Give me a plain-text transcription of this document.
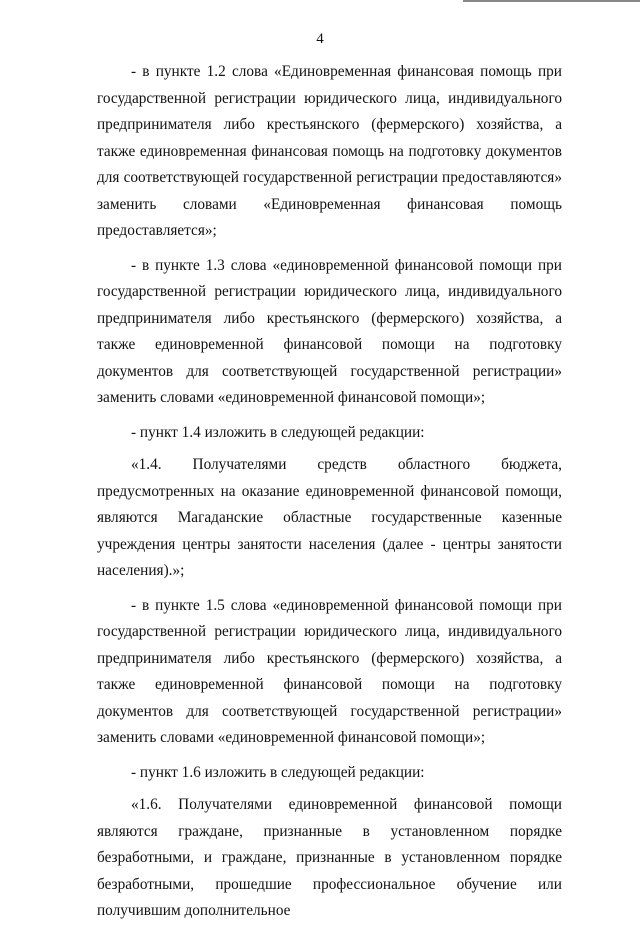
4

- в пункте 1.2 слова «Единовременная финансовая помощь при государственной регистрации юридического лица, индивидуального предпринимателя либо крестьянского (фермерского) хозяйства, а также единовременная финансовая помощь на подготовку документов для соответствующей государственной регистрации предоставляются» заменить словами «Единовременная финансовая помощь предоставляется»;

- в пункте 1.3 слова «единовременной финансовой помощи при государственной регистрации юридического лица, индивидуального предпринимателя либо крестьянского (фермерского) хозяйства, а также единовременной финансовой помощи на подготовку документов для соответствующей государственной регистрации» заменить словами «единовременной финансовой помощи»;

- пункт 1.4 изложить в следующей редакции:

«1.4. Получателями средств областного бюджета, предусмотренных на оказание единовременной финансовой помощи, являются Магаданские областные государственные казенные учреждения центры занятости населения (далее - центры занятости населения).»;

- в пункте 1.5 слова «единовременной финансовой помощи при государственной регистрации юридического лица, индивидуального предпринимателя либо крестьянского (фермерского) хозяйства, а также единовременной финансовой помощи на подготовку документов для соответствующей государственной регистрации» заменить словами «единовременной финансовой помощи»;

- пункт 1.6 изложить в следующей редакции:

«1.6. Получателями единовременной финансовой помощи являются граждане, признанные в установленном порядке безработными, и граждане, признанные в установленном порядке безработными, прошедшие профессиональное обучение или получившим дополнительное
